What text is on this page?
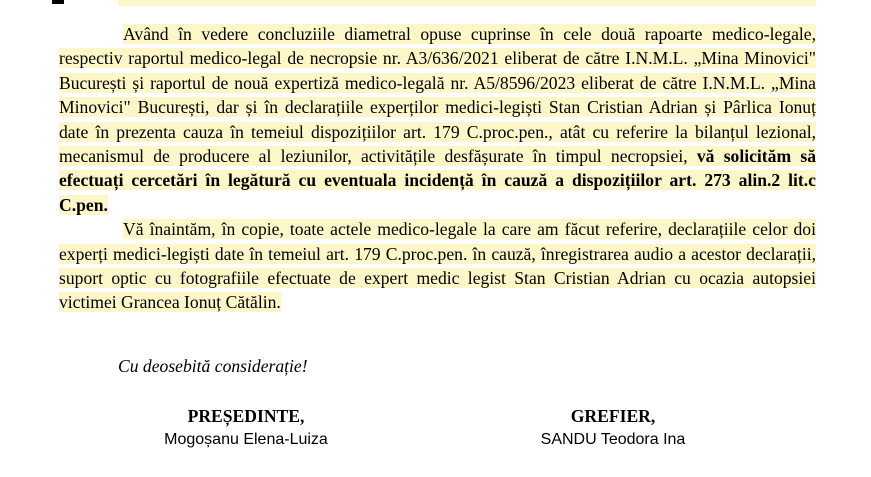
Având în vedere concluziile diametral opuse cuprinse în cele două rapoarte medico-legale, respectiv raportul medico-legal de necropsie nr. A3/636/2021 eliberat de către I.N.M.L. „Mina Minovici" București și raportul de nouă expertiză medico-legală nr. A5/8596/2023 eliberat de către I.N.M.L. „Mina Minovici" București, dar și în declarațiile experților medici-legiști Stan Cristian Adrian și Pârlica Ionuț date în prezenta cauza în temeiul dispozițiilor art. 179 C.proc.pen., atât cu referire la bilanțul lezional, mecanismul de producere al leziunilor, activitățile desfășurate în timpul necropsiei, vă solicităm să efectuați cercetări în legătură cu eventuala incidență în cauză a dispozițiilor art. 273 alin.2 lit.c C.pen.

Vă înaintăm, în copie, toate actele medico-legale la care am făcut referire, declarațiile celor doi experți medici-legiști date în temeiul art. 179 C.proc.pen. în cauză, înregistrarea audio a acestor declarații, suport optic cu fotografiile efectuate de expert medic legist Stan Cristian Adrian cu ocazia autopsiei victimei Grancea Ionuț Cătălin.

Cu deosebită considerație!
PREȘEDINTE,
Mogoșanu Elena-Luiza
GREFIER,
SANDU Teodora Ina
